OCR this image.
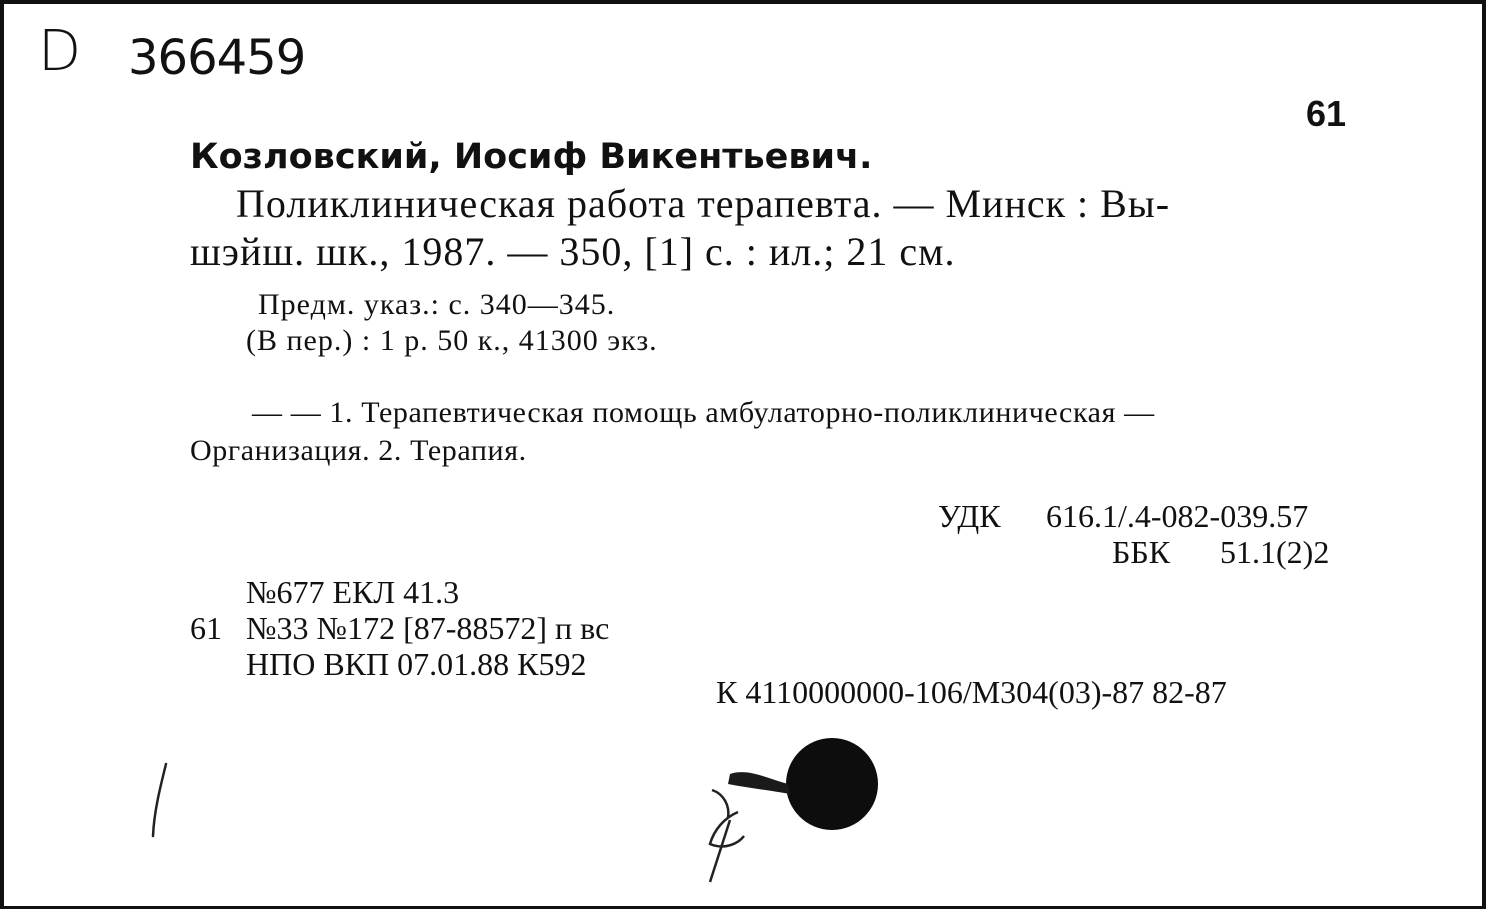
D 366459
61
Козловский, Иосиф Викентьевич.
Поликлиническая работа терапевта. — Минск : Вы-
шэйш. шк., 1987. — 350, [1] с. : ил.; 21 см.
Предм. указ.: с. 340—345.
(В пер.) : 1 р. 50 к., 41300 экз.
— — 1. Терапевтическая помощь амбулаторно-поликлиническая —
Организация. 2. Терапия.
УДК 616.1/.4-082-039.57
ББК 51.1(2)2
№677 ЕКЛ 41.3
61 №33 №172 [87-88572] п вс
НПО ВКП 07.01.88 К592
К 4110000000-106/М304(03)-87 82-87
